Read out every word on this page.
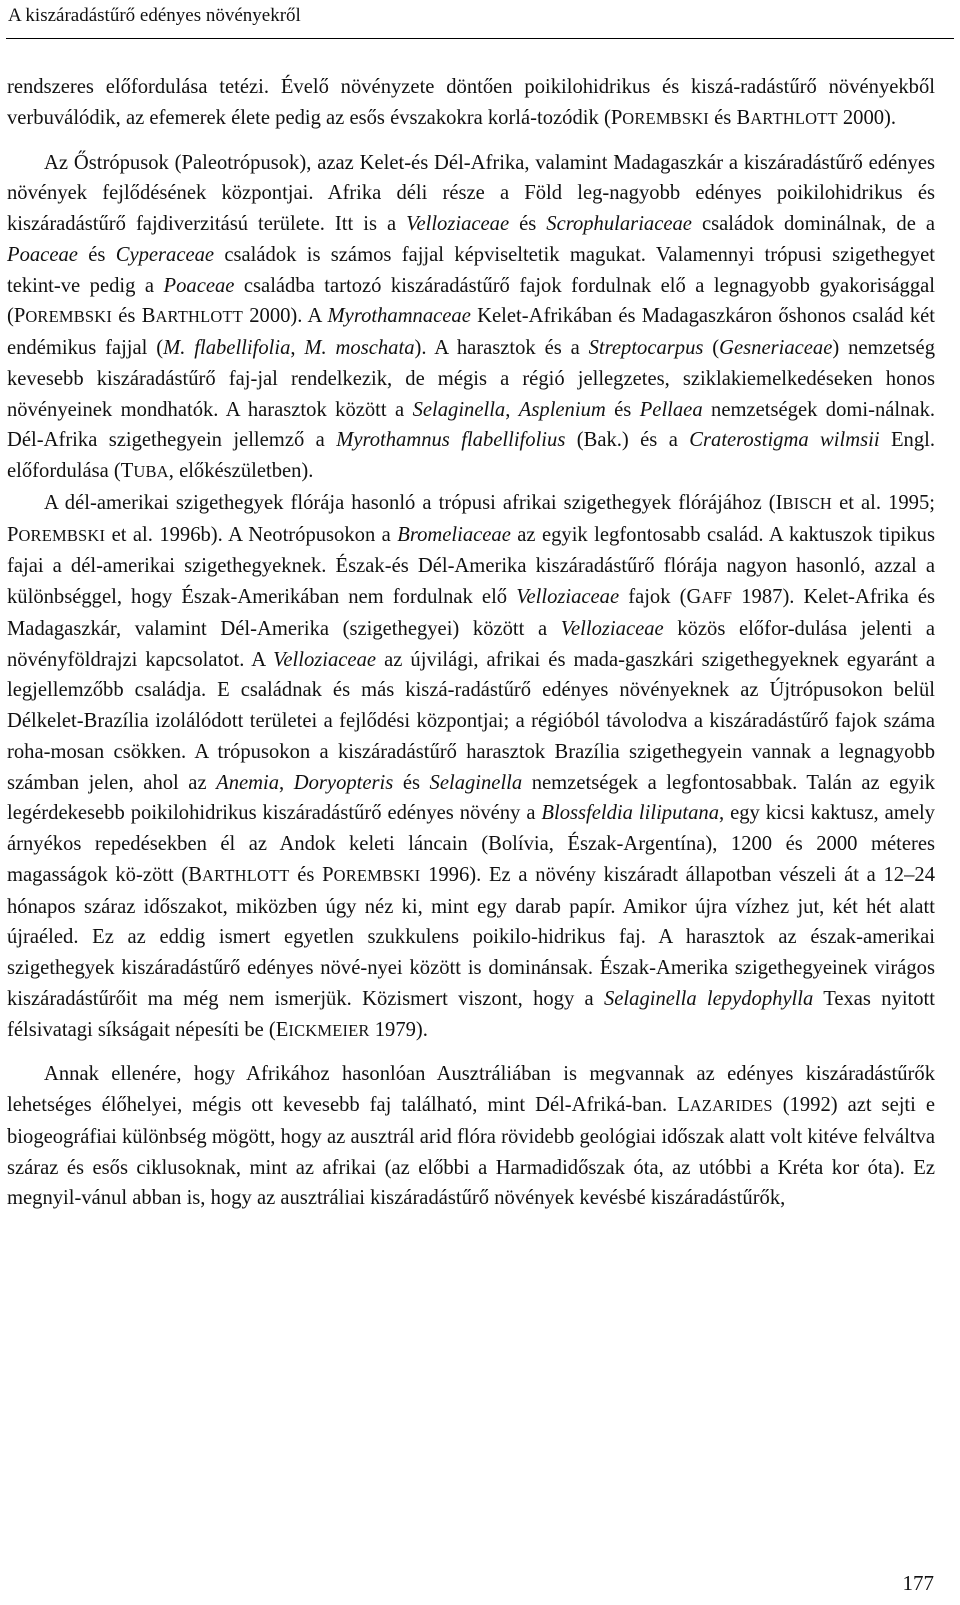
A kiszáradástűrő edényes növényekről

rendszeres előfordulása tetézi. Évelő növényzete döntően poikilohidrikus és kiszá-radástűrő növényekből verbuválódik, az efemerek élete pedig az esős évszakokra korlá-tozódik (POREMBSKI és BARTHLOTT 2000).

Az Őstrópusok (Paleotrópusok), azaz Kelet-és Dél-Afrika, valamint Madagaszkár a kiszáradástűrő edényes növények fejlődésének központjai. Afrika déli része a Föld leg-nagyobb edényes poikilohidrikus és kiszáradástűrő fajdiverzitású területe. Itt is a Velloziaceae és Scrophulariaceae családok dominálnak, de a Poaceae és Cyperaceae családok is számos fajjal képviseltetik magukat. Valamennyi trópusi szigethegyet tekint-ve pedig a Poaceae családba tartozó kiszáradástűrő fajok fordulnak elő a legnagyobb gyakorisággal (POREMBSKI és BARTHLOTT 2000). A Myrothamnaceae Kelet-Afrikában és Madagaszkáron őshonos család két endémikus fajjal (M. flabellifolia, M. moschata). A harasztok és a Streptocarpus (Gesneriaceae) nemzetség kevesebb kiszáradástűrő faj-jal rendelkezik, de mégis a régió jellegzetes, sziklakiemelkedéseken honos növényeinek mondhatók. A harasztok között a Selaginella, Asplenium és Pellaea nemzetségek domi-nálnak. Dél-Afrika szigethegyein jellemző a Myrothamnus flabellifolius (Bak.) és a Craterostigma wilmsii Engl. előfordulása (TUBA, előkészületben).

A dél-amerikai szigethegyek flórája hasonló a trópusi afrikai szigethegyek flórájához (IBISCH et al. 1995; POREMBSKI et al. 1996b). A Neotrópusokon a Bromeliaceae az egyik legfontosabb család. A kaktuszok tipikus fajai a dél-amerikai szigethegyeknek. Észak-és Dél-Amerika kiszáradástűrő flórája nagyon hasonló, azzal a különbséggel, hogy Észak-Amerikában nem fordulnak elő Velloziaceae fajok (GAFF 1987). Kelet-Afrika és Madagaszkár, valamint Dél-Amerika (szigethegyei) között a Velloziaceae közös előfor-dulása jelenti a növényföldrajzi kapcsolatot. A Velloziaceae az újvilági, afrikai és mada-gaszkári szigethegyeknek egyaránt a legjellemzőbb családja. E családnak és más kiszá-radástűrő edényes növényeknek az Újtrópusokon belül Délkelet-Brazília izolálódott területei a fejlődési központjai; a régióból távolodva a kiszáradástűrő fajok száma roha-mosan csökken. A trópusokon a kiszáradástűrő harasztok Brazília szigethegyein vannak a legnagyobb számban jelen, ahol az Anemia, Doryopteris és Selaginella nemzetségek a legfontosabbak. Talán az egyik legérdekesebb poikilohidrikus kiszáradástűrő edényes növény a Blossfeldia liliputana, egy kicsi kaktusz, amely árnyékos repedésekben él az Andok keleti láncain (Bolívia, Észak-Argentína), 1200 és 2000 méteres magasságok kö-zött (BARTHLOTT és POREMBSKI 1996). Ez a növény kiszáradt állapotban vészeli át a 12–24 hónapos száraz időszakot, miközben úgy néz ki, mint egy darab papír. Amikor újra vízhez jut, két hét alatt újraéled. Ez az eddig ismert egyetlen szukkulens poikilo-hidrikus faj. A harasztok az észak-amerikai szigethegyek kiszáradástűrő edényes növé-nyei között is dominánsak. Észak-Amerika szigethegyeinek virágos kiszáradástűrőit ma még nem ismerjük. Közismert viszont, hogy a Selaginella lepydophylla Texas nyitott félsivatagi síkságait népesíti be (EICKMEIER 1979).

Annak ellenére, hogy Afrikához hasonlóan Ausztráliában is megvannak az edényes kiszáradástűrők lehetséges élőhelyei, mégis ott kevesebb faj található, mint Dél-Afriká-ban. LAZARIDES (1992) azt sejti e biogeográfiai különbség mögött, hogy az ausztrál arid flóra rövidebb geológiai időszak alatt volt kitéve felváltva száraz és esős ciklusoknak, mint az afrikai (az előbbi a Harmadidőszak óta, az utóbbi a Kréta kor óta). Ez megnyil-vánul abban is, hogy az ausztráliai kiszáradástűrő növények kevésbé kiszáradástűrők,

177
